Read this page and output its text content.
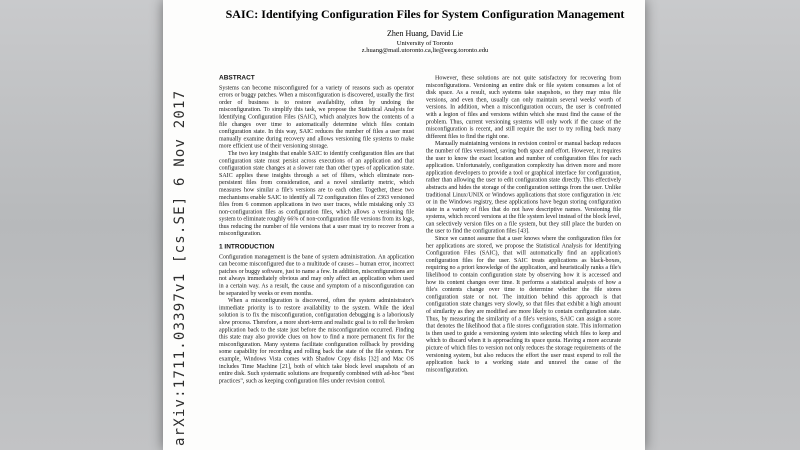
arXiv:1711.03397v1 [cs.SE] 6 Nov 2017
SAIC: Identifying Configuration Files for System Configuration Management
Zhen Huang, David Lie
University of Toronto
z.huang@mail.utoronto.ca,lie@eecg.toronto.edu
ABSTRACT

Systems can become misconfigured for a variety of reasons such as operator errors or buggy patches. When a misconfiguration is discovered, usually the first order of business is to restore availability, often by undoing the misconfiguration. To simplify this task, we propose the Statistical Analysis for Identifying Configuration Files (SAIC), which analyzes how the contents of a file changes over time to automatically determine which files contain configuration state. In this way, SAIC reduces the number of files a user must manually examine during recovery and allows versioning file systems to make more efficient use of their versioning storage.

The two key insights that enable SAIC to identify configuration files are that configuration state must persist across executions of an application and that configuration state changes at a slower rate than other types of application state. SAIC applies these insights through a set of filters, which eliminate non-persistent files from consideration, and a novel similarity metric, which measures how similar a file's versions are to each other. Together, these two mechanisms enable SAIC to identify all 72 configuration files of 2363 versioned files from 6 common applications in two user traces, while mistaking only 33 non-configuration files as configuration files, which allows a versioning file system to eliminate roughly 66% of non-configuration file versions from its logs, thus reducing the number of file versions that a user must try to recover from a misconfiguration.

1 INTRODUCTION

Configuration management is the bane of system administration. An application can become misconfigured due to a multitude of causes – human error, incorrect patches or buggy software, just to name a few. In addition, misconfigurations are not always immediately obvious and may only affect an application when used in a certain way. As a result, the cause and symptom of a misconfiguration can be separated by weeks or even months.

When a misconfiguration is discovered, often the system administrator's immediate priority is to restore availability to the system. While the ideal solution is to fix the misconfiguration, configuration debugging is a laboriously slow process. Therefore, a more short-term and realistic goal is to roll the broken application back to the state just before the misconfiguration occurred. Finding this state may also provide clues on how to find a more permanent fix for the misconfiguration. Many systems facilitate configuration rollback by providing some capability for recording and rolling back the state of the file system. For example, Windows Vista comes with Shadow Copy disks [32] and Mac OS includes Time Machine [21], both of which take block level snapshots of an entire disk. Such systematic solutions are frequently combined with ad-hoc "best practices", such as keeping configuration files under revision control.

However, these solutions are not quite satisfactory for recovering from misconfigurations. Versioning an entire disk or file system consumes a lot of disk space. As a result, such systems take snapshots, so they may miss file versions, and even then, usually can only maintain several weeks' worth of versions. In addition, when a misconfiguration occurs, the user is confronted with a legion of files and versions within which she must find the cause of the problem. Thus, current versioning systems will only work if the cause of the misconfiguration is recent, and still require the user to try rolling back many different files to find the right one.

Manually maintaining versions in revision control or manual backup reduces the number of files versioned, saving both space and effort. However, it requires the user to know the exact location and number of configuration files for each application. Unfortunately, configuration complexity has driven more and more application developers to provide a tool or graphical interface for configuration, rather than allowing the user to edit configuration state directly. This effectively abstracts and hides the storage of the configuration settings from the user. Unlike traditional Linux/UNIX or Windows applications that store configuration in /etc or in the Windows registry, these applications have begun storing configuration state in a variety of files that do not have descriptive names. Versioning file systems, which record versions at the file system level instead of the block level, can selectively version files on a file system, but they still place the burden on the user to find the configuration files [43].

Since we cannot assume that a user knows where the configuration files for her applications are stored, we propose the Statistical Analysis for Identifying Configuration Files (SAIC), that will automatically find an application's configuration files for the user. SAIC treats applications as black-boxes, requiring no a priori knowledge of the application, and heuristically ranks a file's likelihood to contain configuration state by observing how it is accessed and how its content changes over time. It performs a statistical analysis of how a file's contents change over time to determine whether the file stores configuration state or not. The intuition behind this approach is that configuration state changes very slowly, so that files that exhibit a high amount of similarity as they are modified are more likely to contain configuration state. Thus, by measuring the similarity of a file's versions, SAIC can assign a score that denotes the likelihood that a file stores configuration state. This information is then used to guide a versioning system into selecting which files to keep and which to discard when it is approaching its space quota. Having a more accurate picture of which files to version not only reduces the storage requirements of the versioning system, but also reduces the effort the user must expend to roll the application back to a working state and unravel the cause of the misconfiguration.
